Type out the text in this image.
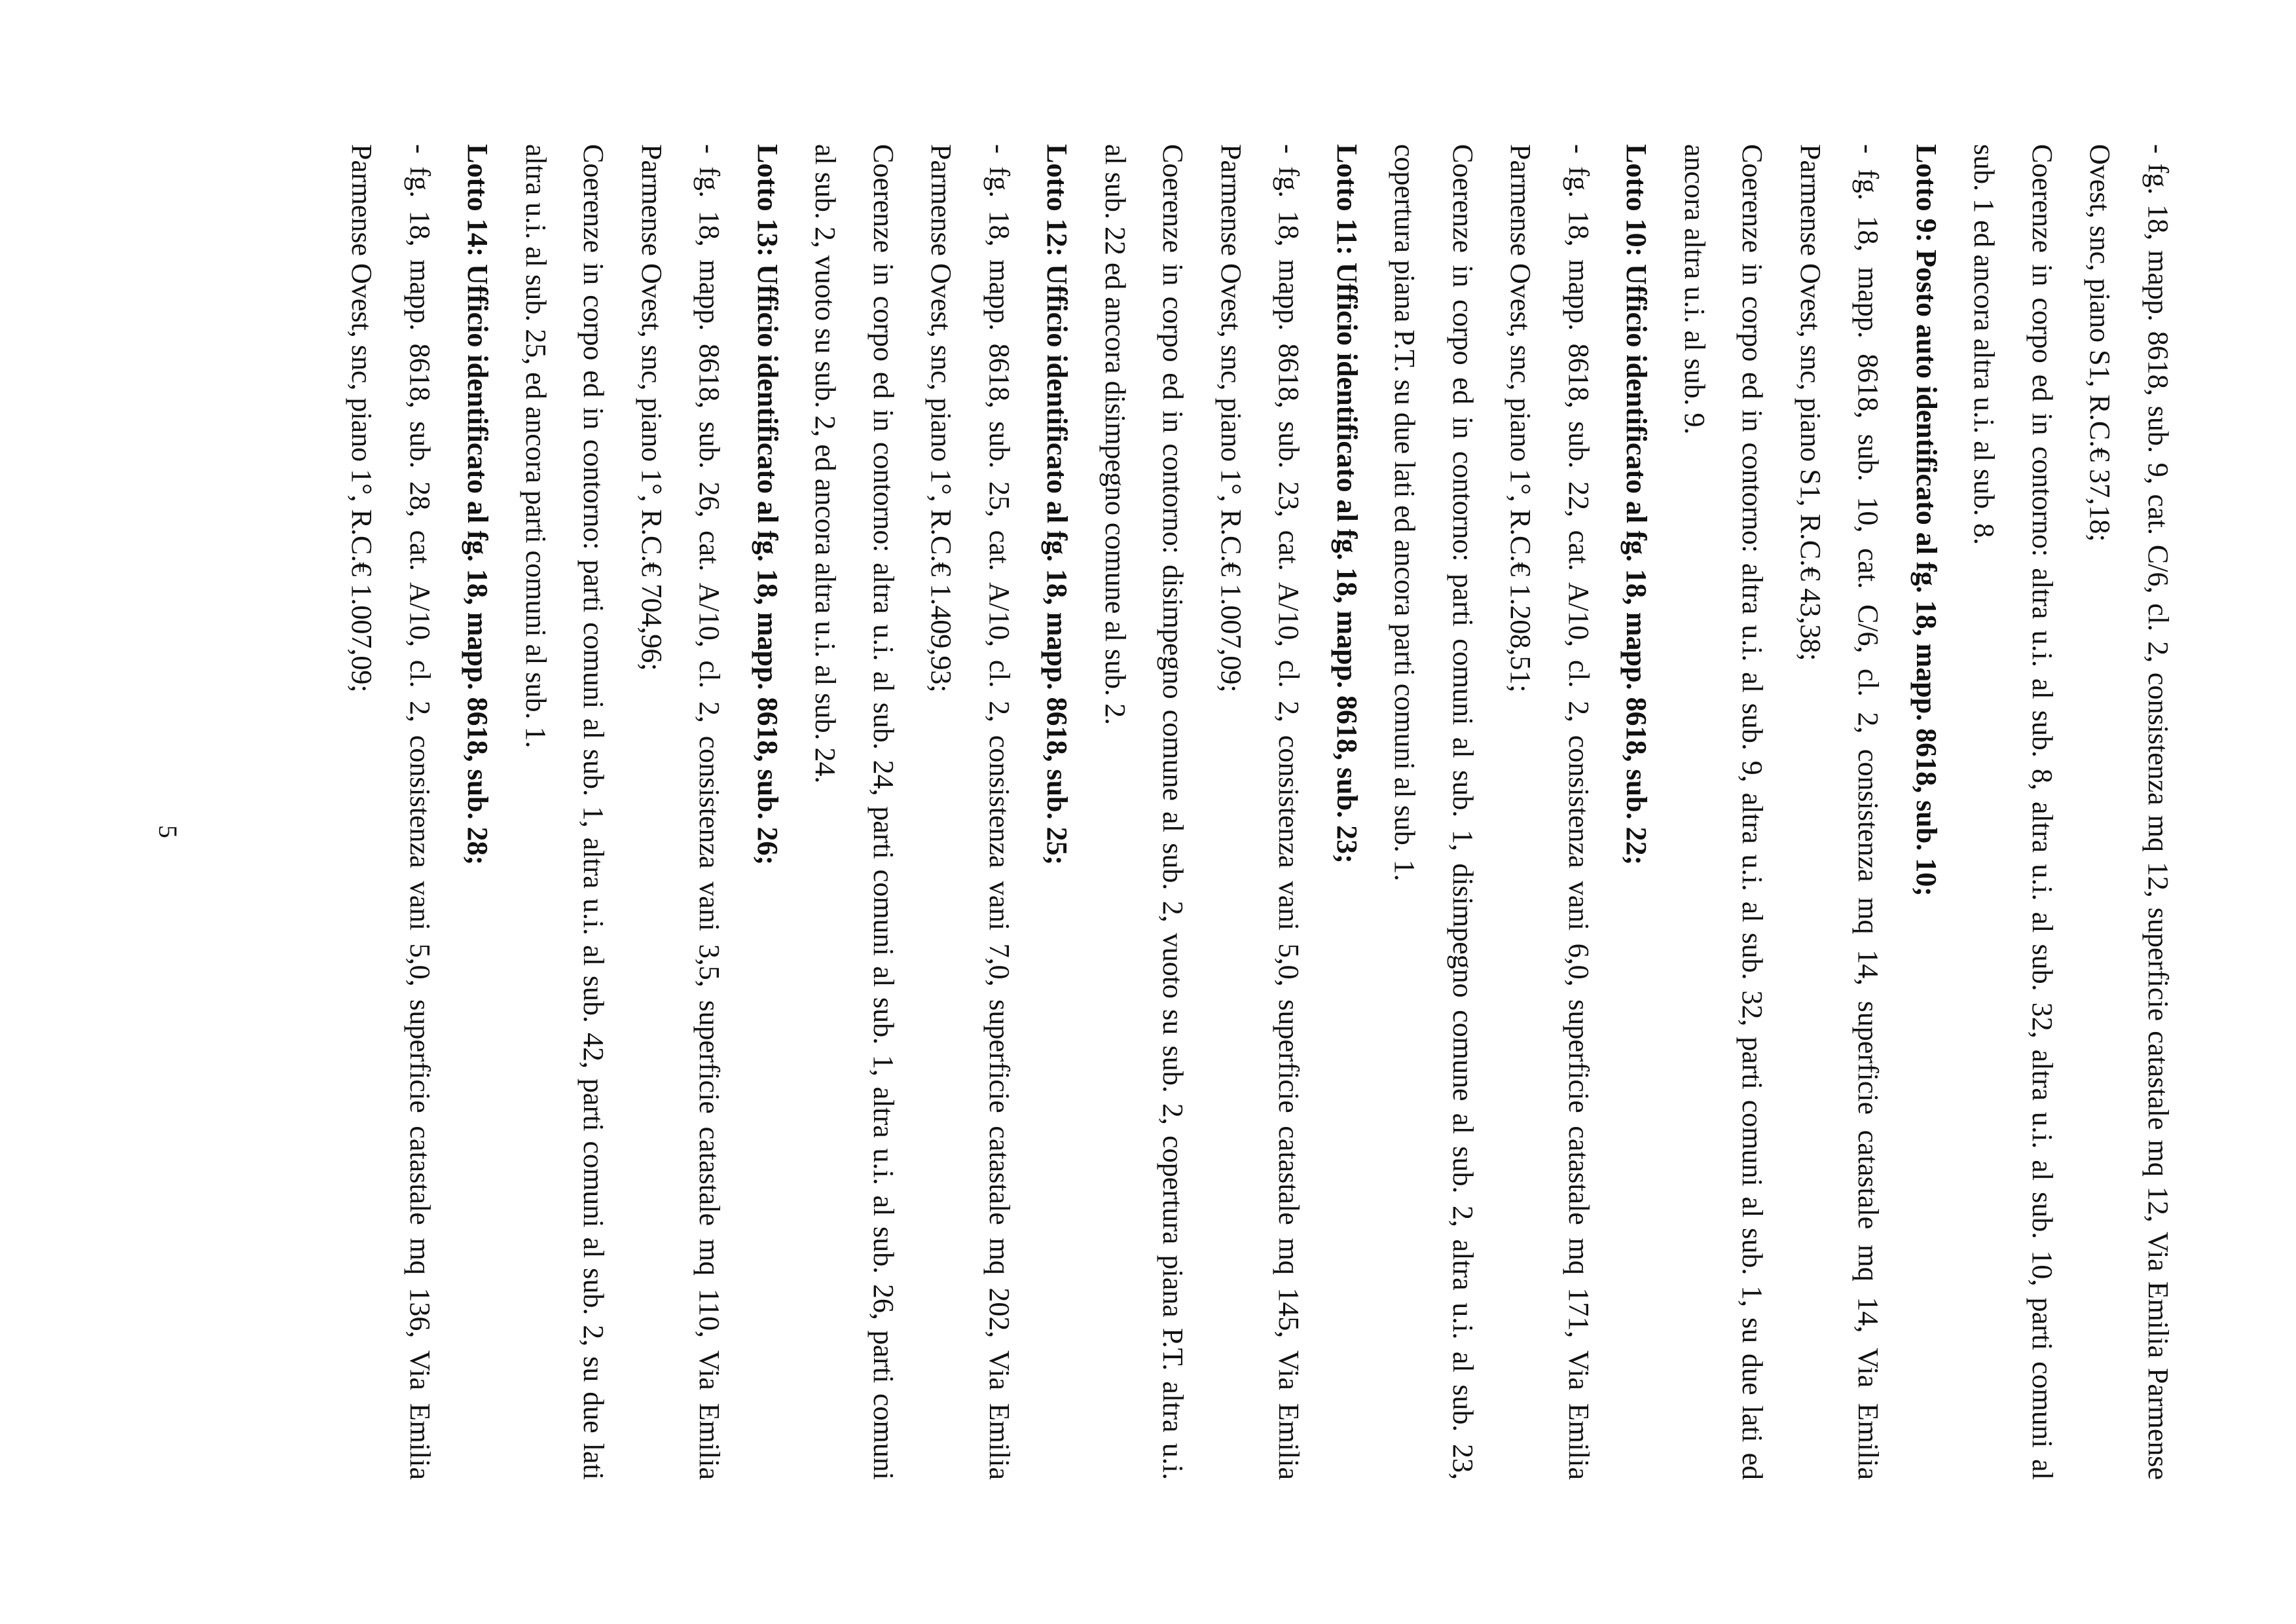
- fg. 18, mapp. 8618, sub. 9, cat. C/6, cl. 2, consistenza mq 12, superficie catastale mq 12, Via Emilia Parmense
Ovest, snc, piano S1, R.C.€ 37,18;
Coerenze in corpo ed in contorno: altra u.i. al sub. 8, altra u.i. al sub. 32, altra u.i. al sub. 10, parti comuni al
sub. 1 ed ancora altra u.i. al sub. 8.
Lotto 9: Posto auto identificato al fg. 18, mapp. 8618, sub. 10;
- fg. 18, mapp. 8618, sub. 10, cat. C/6, cl. 2, consistenza mq 14, superficie catastale mq 14, Via Emilia
Parmense Ovest, snc, piano S1, R.C.€ 43,38;
Coerenze in corpo ed in contorno: altra u.i. al sub. 9, altra u.i. al sub. 32, parti comuni al sub. 1, su due lati ed
ancora altra u.i. al sub. 9.
Lotto 10: Ufficio identificato al fg. 18, mapp. 8618, sub. 22;
- fg. 18, mapp. 8618, sub. 22, cat. A/10, cl. 2, consistenza vani 6,0, superficie catastale mq 171, Via Emilia
Parmense Ovest, snc, piano 1°, R.C.€ 1.208,51;
Coerenze in corpo ed in contorno: parti comuni al sub. 1, disimpegno comune al sub. 2, altra u.i. al sub. 23,
copertura piana P.T. su due lati ed ancora parti comuni al sub. 1.
Lotto 11: Ufficio identificato al fg. 18, mapp. 8618, sub. 23;
- fg. 18, mapp. 8618, sub. 23, cat. A/10, cl. 2, consistenza vani 5,0, superficie catastale mq 145, Via Emilia
Parmense Ovest, snc, piano 1°, R.C.€ 1.007,09;
Coerenze in corpo ed in contorno: disimpegno comune al sub. 2, vuoto su sub. 2, copertura piana P.T. altra u.i.
al sub. 22 ed ancora disimpegno comune al sub. 2.
Lotto 12: Ufficio identificato al fg. 18, mapp. 8618, sub. 25;
- fg. 18, mapp. 8618, sub. 25, cat. A/10, cl. 2, consistenza vani 7,0, superficie catastale mq 202, Via Emilia
Parmense Ovest, snc, piano 1°, R.C.€ 1.409,93;
Coerenze in corpo ed in contorno: altra u.i. al sub. 24, parti comuni al sub. 1, altra u.i. al sub. 26, parti comuni
al sub. 2, vuoto su sub. 2, ed ancora altra u.i. al sub. 24.
Lotto 13: Ufficio identificato al fg. 18, mapp. 8618, sub. 26;
- fg. 18, mapp. 8618, sub. 26, cat. A/10, cl. 2, consistenza vani 3,5, superficie catastale mq 110, Via Emilia
Parmense Ovest, snc, piano 1°, R.C.€ 704,96;
Coerenze in corpo ed in contorno: parti comuni al sub. 1, altra u.i. al sub. 42, parti comuni al sub. 2, su due lati
altra u.i. al sub. 25, ed ancora parti comuni al sub. 1.
Lotto 14: Ufficio identificato al fg. 18, mapp. 8618, sub. 28;
- fg. 18, mapp. 8618, sub. 28, cat. A/10, cl. 2, consistenza vani 5,0, superficie catastale mq 136, Via Emilia
Parmense Ovest, snc, piano 1°, R.C.€ 1.007,09;
5
